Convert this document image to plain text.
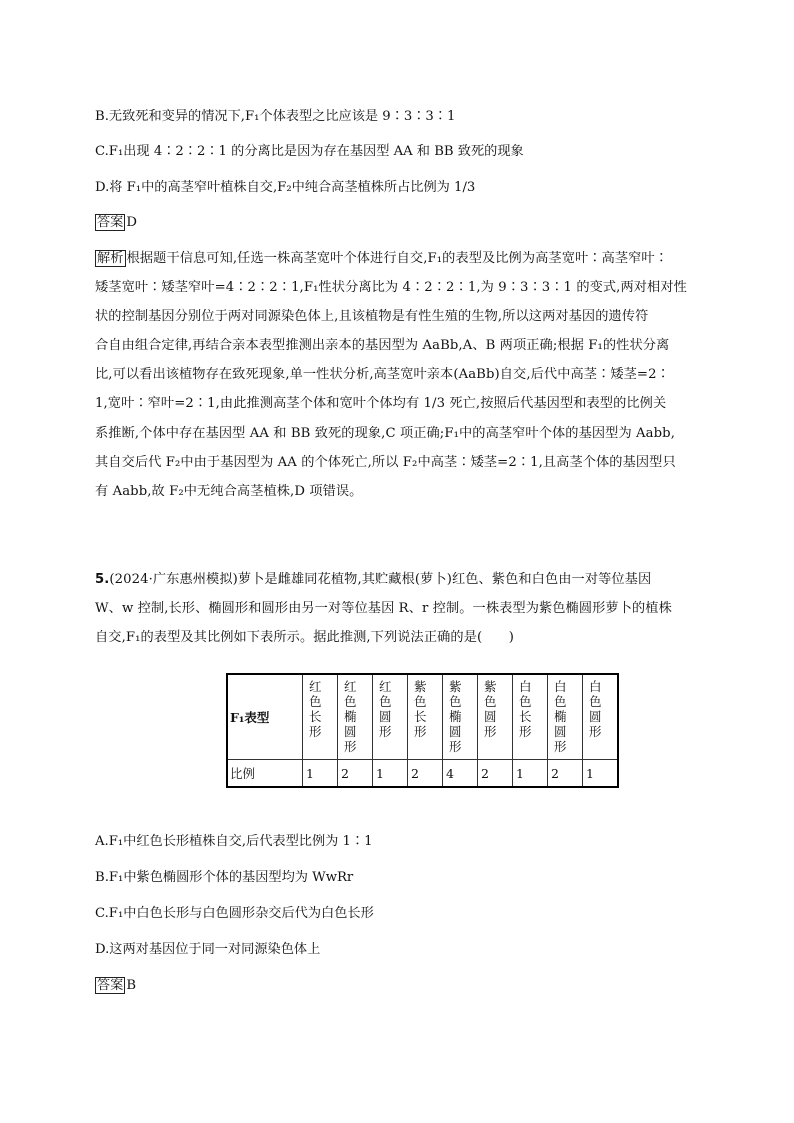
B.无致死和变异的情况下,F₁个体表型之比应该是 9∶3∶3∶1
C.F₁出现 4∶2∶2∶1 的分离比是因为存在基因型 AA 和 BB 致死的现象
D.将 F₁中的高茎窄叶植株自交,F₂中纯合高茎植株所占比例为 1/3
答案 D
解析 根据题干信息可知,任选一株高茎宽叶个体进行自交,F₁的表型及比例为高茎宽叶∶高茎窄叶∶
矮茎宽叶∶矮茎窄叶=4∶2∶2∶1,F₁性状分离比为 4∶2∶2∶1,为 9∶3∶3∶1 的变式,两对相对性
状的控制基因分别位于两对同源染色体上,且该植物是有性生殖的生物,所以这两对基因的遗传符
合自由组合定律,再结合亲本表型推测出亲本的基因型为 AaBb,A、B 两项正确;根据 F₁的性状分离
比,可以看出该植物存在致死现象,单一性状分析,高茎宽叶亲本(AaBb)自交,后代中高茎∶矮茎=2∶
1,宽叶∶窄叶=2∶1,由此推测高茎个体和宽叶个体均有 1/3 死亡,按照后代基因型和表型的比例关
系推断,个体中存在基因型 AA 和 BB 致死的现象,C 项正确;F₁中的高茎窄叶个体的基因型为 Aabb,
其自交后代 F₂中由于基因型为 AA 的个体死亡,所以 F₂中高茎∶矮茎=2∶1,且高茎个体的基因型只
有 Aabb,故 F₂中无纯合高茎植株,D 项错误。
5.(2024·广东惠州模拟)萝卜是雌雄同花植物,其贮藏根(萝卜)红色、紫色和白色由一对等位基因
W、w 控制,长形、椭圆形和圆形由另一对等位基因 R、r 控制。一株表型为紫色椭圆形萝卜的植株
自交,F₁的表型及其比例如下表所示。据此推测,下列说法正确的是(　　)
F₁表型	红色长形	红色椭圆形	红色圆形	紫色长形	紫色椭圆形	紫色圆形	白色长形	白色椭圆形	白色圆形

比例	1	2	1	2	4	2	1	2	1
A.F₁中红色长形植株自交,后代表型比例为 1∶1
B.F₁中紫色椭圆形个体的基因型均为 WwRr
C.F₁中白色长形与白色圆形杂交后代为白色长形
D.这两对基因位于同一对同源染色体上
答案 B
